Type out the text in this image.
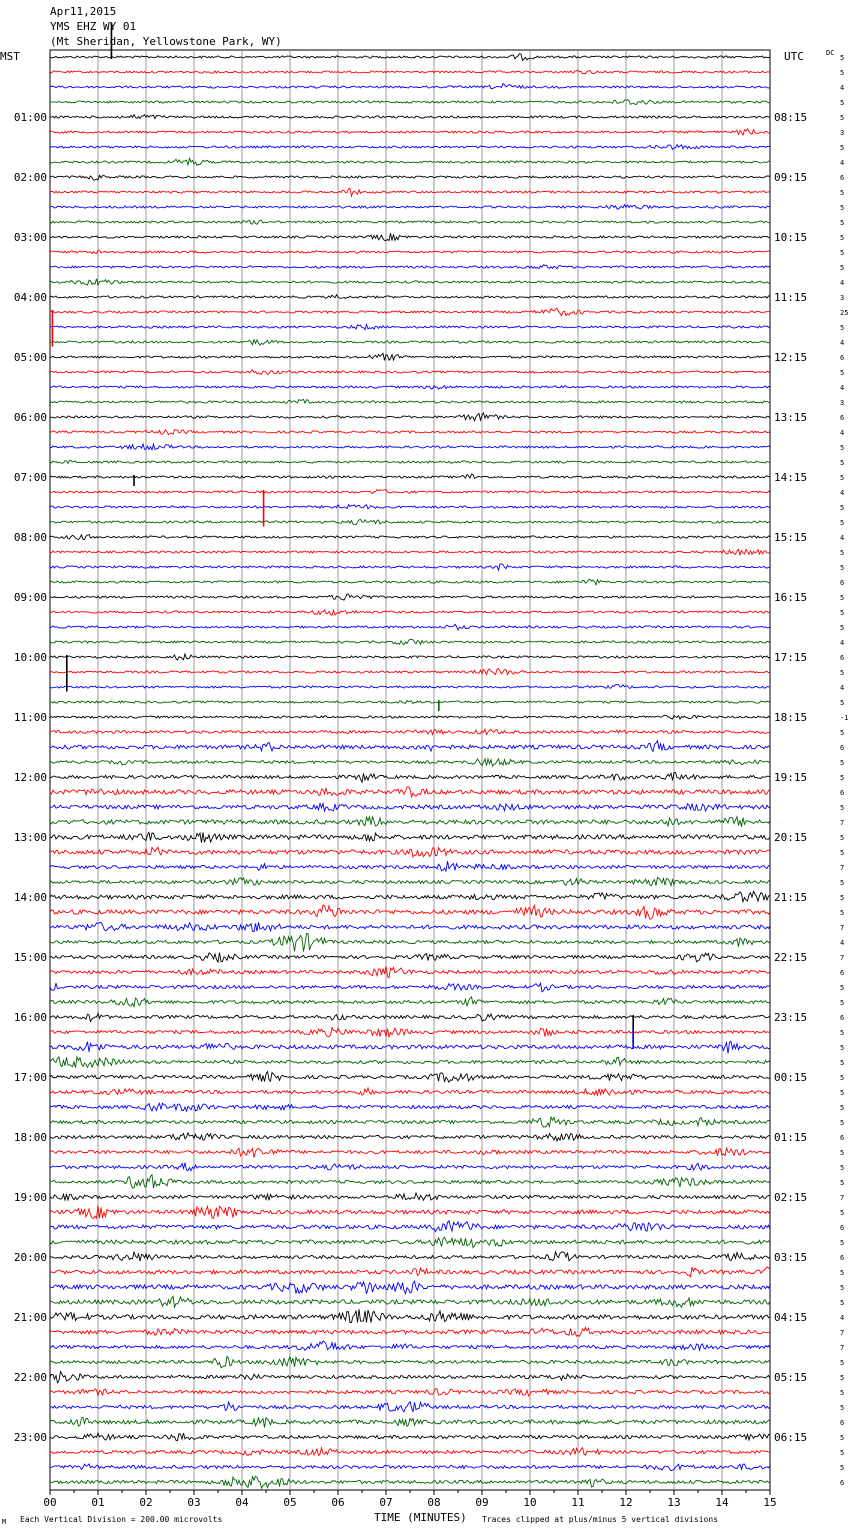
00	01	02	03	04	05	06	07	08	09	10	11	12	13	14	15
5
5
4
5
5
3
5
4
6
5
5
5
5
5
5
4
3
25
5
4
6
5
4
3
6
4
5
5
5
4
5
5
4
5
5
6
5
5
5
4
6
5
4
5
-1
5
6
5
5
6
5
7
5
5
7
5
5
5
7
4
7
6
5
5
6
5
5
5
5
5
5
5
6
5
5
5
7
5
6
5
6
5
5
5
4
7
7
5
5
5
5
6
5
5
5
6
01:00
02:00
03:00
04:00
05:00
06:00
07:00
08:00
09:00
10:00
11:00
12:00
13:00
14:00
15:00
16:00
17:00
18:00
19:00
20:00
21:00
22:00
23:00
08:15
09:15
10:15
11:15
12:15
13:15
14:15
15:15
16:15
17:15
18:15
19:15
20:15
21:15
22:15
23:15
00:15
01:15
02:15
03:15
04:15
05:15
06:15
Apr11,2015
YMS EHZ WY 01
(Mt Sheridan, Yellowstone Park, WY)
MST	UTC	DC
M Each Vertical Division = 200.00 microvolts	TIME (MINUTES) Traces clipped at plus/minus 5 vertical divisions
